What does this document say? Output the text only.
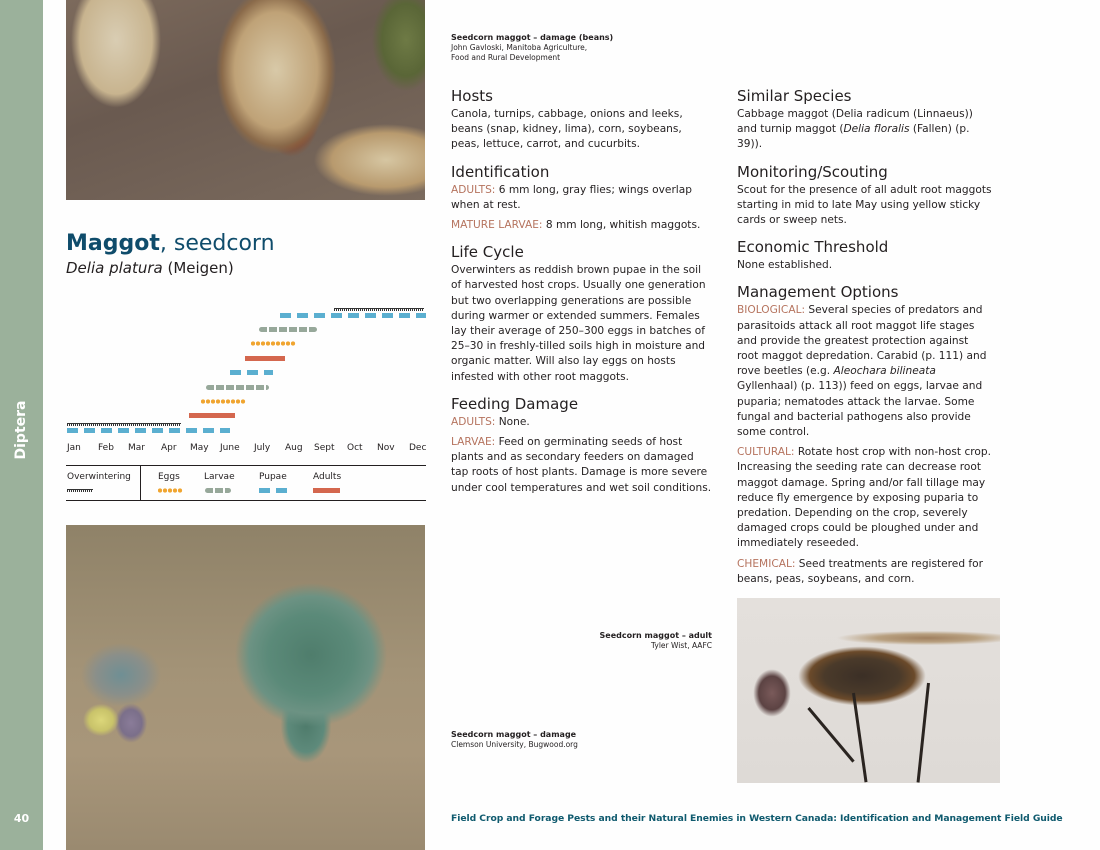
Diptera
40
Maggot, seedcorn
Delia platura (Meigen)
Jan Feb Mar Apr May June July Aug Sept Oct Nov Dec
Overwintering	Eggs	Larvae	Pupae	Adults
Seedcorn maggot – damage (beans)
John Gavloski, Manitoba Agriculture,
Food and Rural Development
Hosts

Canola, turnips, cabbage, onions and leeks, beans (snap, kidney, lima), corn, soybeans, peas, lettuce, carrot, and cucurbits.

Identification

ADULTS: 6 mm long, gray flies; wings overlap when at rest.

MATURE LARVAE: 8 mm long, whitish maggots.

Life Cycle

Overwinters as reddish brown pupae in the soil of harvested host crops. Usually one generation but two overlapping generations are possible during warmer or extended summers. Females lay their average of 250–300 eggs in batches of 25–30 in freshly-tilled soils high in moisture and organic matter. Will also lay eggs on hosts infested with other root maggots.

Feeding Damage

ADULTS: None.

LARVAE: Feed on germinating seeds of host plants and as secondary feeders on damaged tap roots of host plants. Damage is more severe under cool temperatures and wet soil conditions.

Similar Species

Cabbage maggot (Delia radicum (Linnaeus)) and turnip maggot (Delia floralis (Fallen) (p. 39)).

Monitoring/Scouting

Scout for the presence of all adult root maggots starting in mid to late May using yellow sticky cards or sweep nets.

Economic Threshold

None established.

Management Options

BIOLOGICAL: Several species of predators and parasitoids attack all root maggot life stages and provide the greatest protection against root maggot depredation. Carabid (p. 111) and rove beetles (e.g. Aleochara bilineata Gyllenhaal) (p. 113)) feed on eggs, larvae and puparia; nematodes attack the larvae. Some fungal and bacterial pathogens also provide some control.

CULTURAL: Rotate host crop with non-host crop. Increasing the seeding rate can decrease root maggot damage. Spring and/or fall tillage may reduce fly emergence by exposing puparia to predation. Depending on the crop, severely damaged crops could be ploughed under and immediately reseeded.

CHEMICAL: Seed treatments are registered for beans, peas, soybeans, and corn.

Seedcorn maggot – adult
Tyler Wist, AAFC
Seedcorn maggot – damage
Clemson University, Bugwood.org
Field Crop and Forage Pests and their Natural Enemies in Western Canada: Identification and Management Field Guide
